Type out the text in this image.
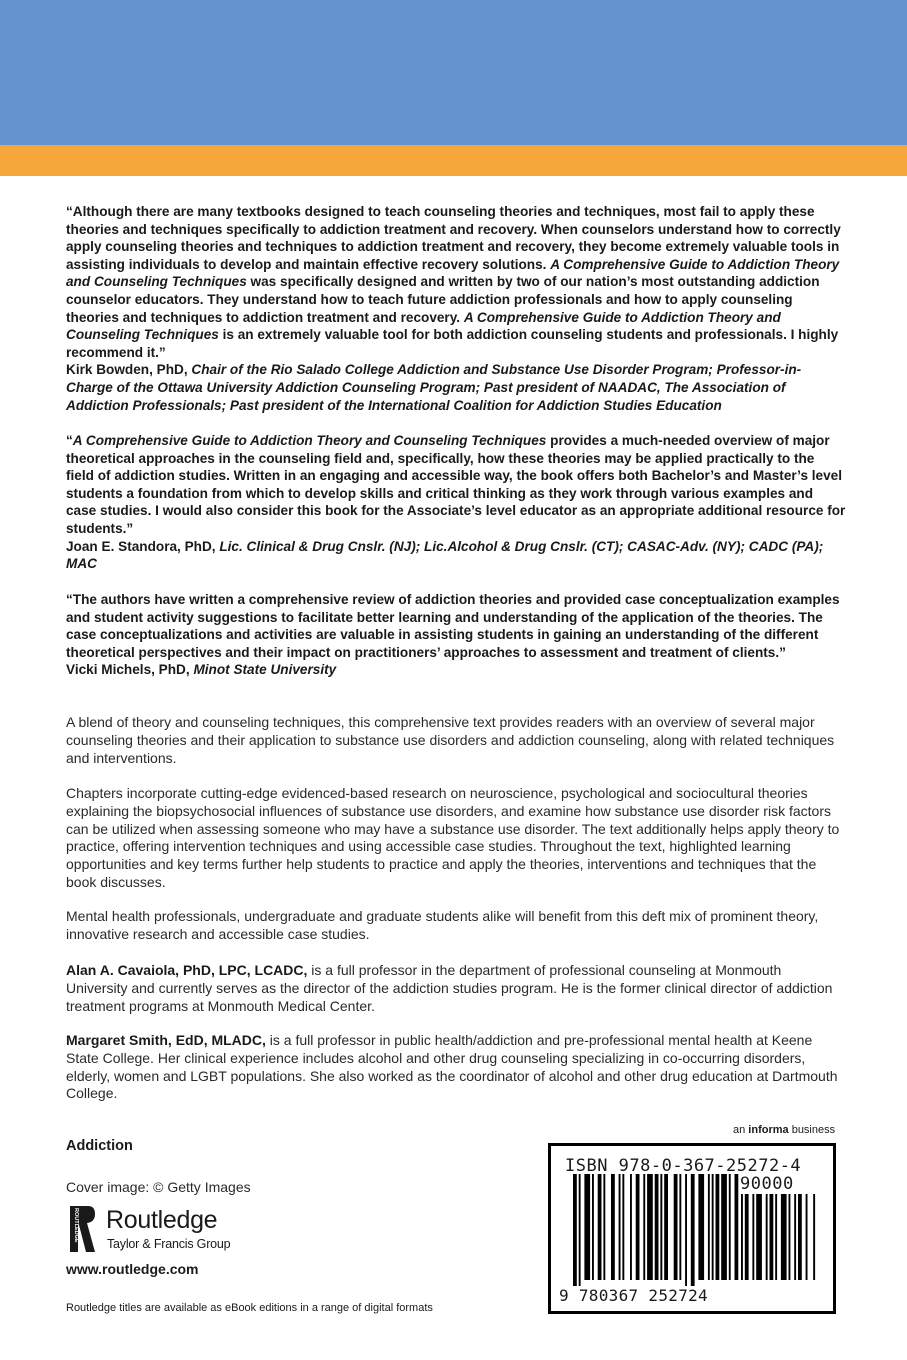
“Although there are many textbooks designed to teach counseling theories and techniques, most fail to apply these theories and techniques specifically to addiction treatment and recovery. When counselors understand how to correctly apply counseling theories and techniques to addiction treatment and recovery, they become extremely valuable tools in assisting individuals to develop and maintain effective recovery solutions. A Comprehensive Guide to Addiction Theory and Counseling Techniques was specifically designed and written by two of our nation’s most outstanding addiction counselor educators. They understand how to teach future addiction professionals and how to apply counseling theories and techniques to addiction treatment and recovery. A Comprehensive Guide to Addiction Theory and Counseling Techniques is an extremely valuable tool for both addiction counseling students and professionals. I highly recommend it.”

Kirk Bowden, PhD, Chair of the Rio Salado College Addiction and Substance Use Disorder Program; Professor-in-Charge of the Ottawa University Addiction Counseling Program; Past president of NAADAC, The Association of Addiction Professionals; Past president of the International Coalition for Addiction Studies Education

“A Comprehensive Guide to Addiction Theory and Counseling Techniques provides a much-needed overview of major theoretical approaches in the counseling field and, specifically, how these theories may be applied practically to the field of addiction studies. Written in an engaging and accessible way, the book offers both Bachelor’s and Master’s level students a foundation from which to develop skills and critical thinking as they work through various examples and case studies. I would also consider this book for the Associate’s level educator as an appropriate additional resource for students.”

Joan E. Standora, PhD, Lic. Clinical & Drug Cnslr. (NJ); Lic.Alcohol & Drug Cnslr. (CT); CASAC-Adv. (NY); CADC (PA); MAC

“The authors have written a comprehensive review of addiction theories and provided case conceptualization examples and student activity suggestions to facilitate better learning and understanding of the application of the theories. The case conceptualizations and activities are valuable in assisting students in gaining an understanding of the different theoretical perspectives and their impact on practitioners’ approaches to assessment and treatment of clients.”

Vicki Michels, PhD, Minot State University

A blend of theory and counseling techniques, this comprehensive text provides readers with an overview of several major counseling theories and their application to substance use disorders and addiction counseling, along with related techniques and interventions.

Chapters incorporate cutting-edge evidenced-based research on neuroscience, psychological and sociocultural theories explaining the biopsychosocial influences of substance use disorders, and examine how substance use disorder risk factors can be utilized when assessing someone who may have a substance use disorder. The text additionally helps apply theory to practice, offering intervention techniques and using accessible case studies. Throughout the text, highlighted learning opportunities and key terms further help students to practice and apply the theories, interventions and techniques that the book discusses.

Mental health professionals, undergraduate and graduate students alike will benefit from this deft mix of prominent theory, innovative research and accessible case studies.

Alan A. Cavaiola, PhD, LPC, LCADC, is a full professor in the department of professional counseling at Monmouth University and currently serves as the director of the addiction studies program. He is the former clinical director of addiction treatment programs at Monmouth Medical Center.

Margaret Smith, EdD, MLADC, is a full professor in public health/addiction and pre-professional mental health at Keene State College. Her clinical experience includes alcohol and other drug counseling specializing in co-occurring disorders, elderly, women and LGBT populations. She also worked as the coordinator of alcohol and other drug education at Dartmouth College.

Addiction
Cover image: © Getty Images
ROUTLEDGE Routledge
Taylor & Francis Group
www.routledge.com
Routledge titles are available as eBook editions in a range of digital formats
an informa business
ISBN 978-0-367-25272-4
90000
9 780367 252724
